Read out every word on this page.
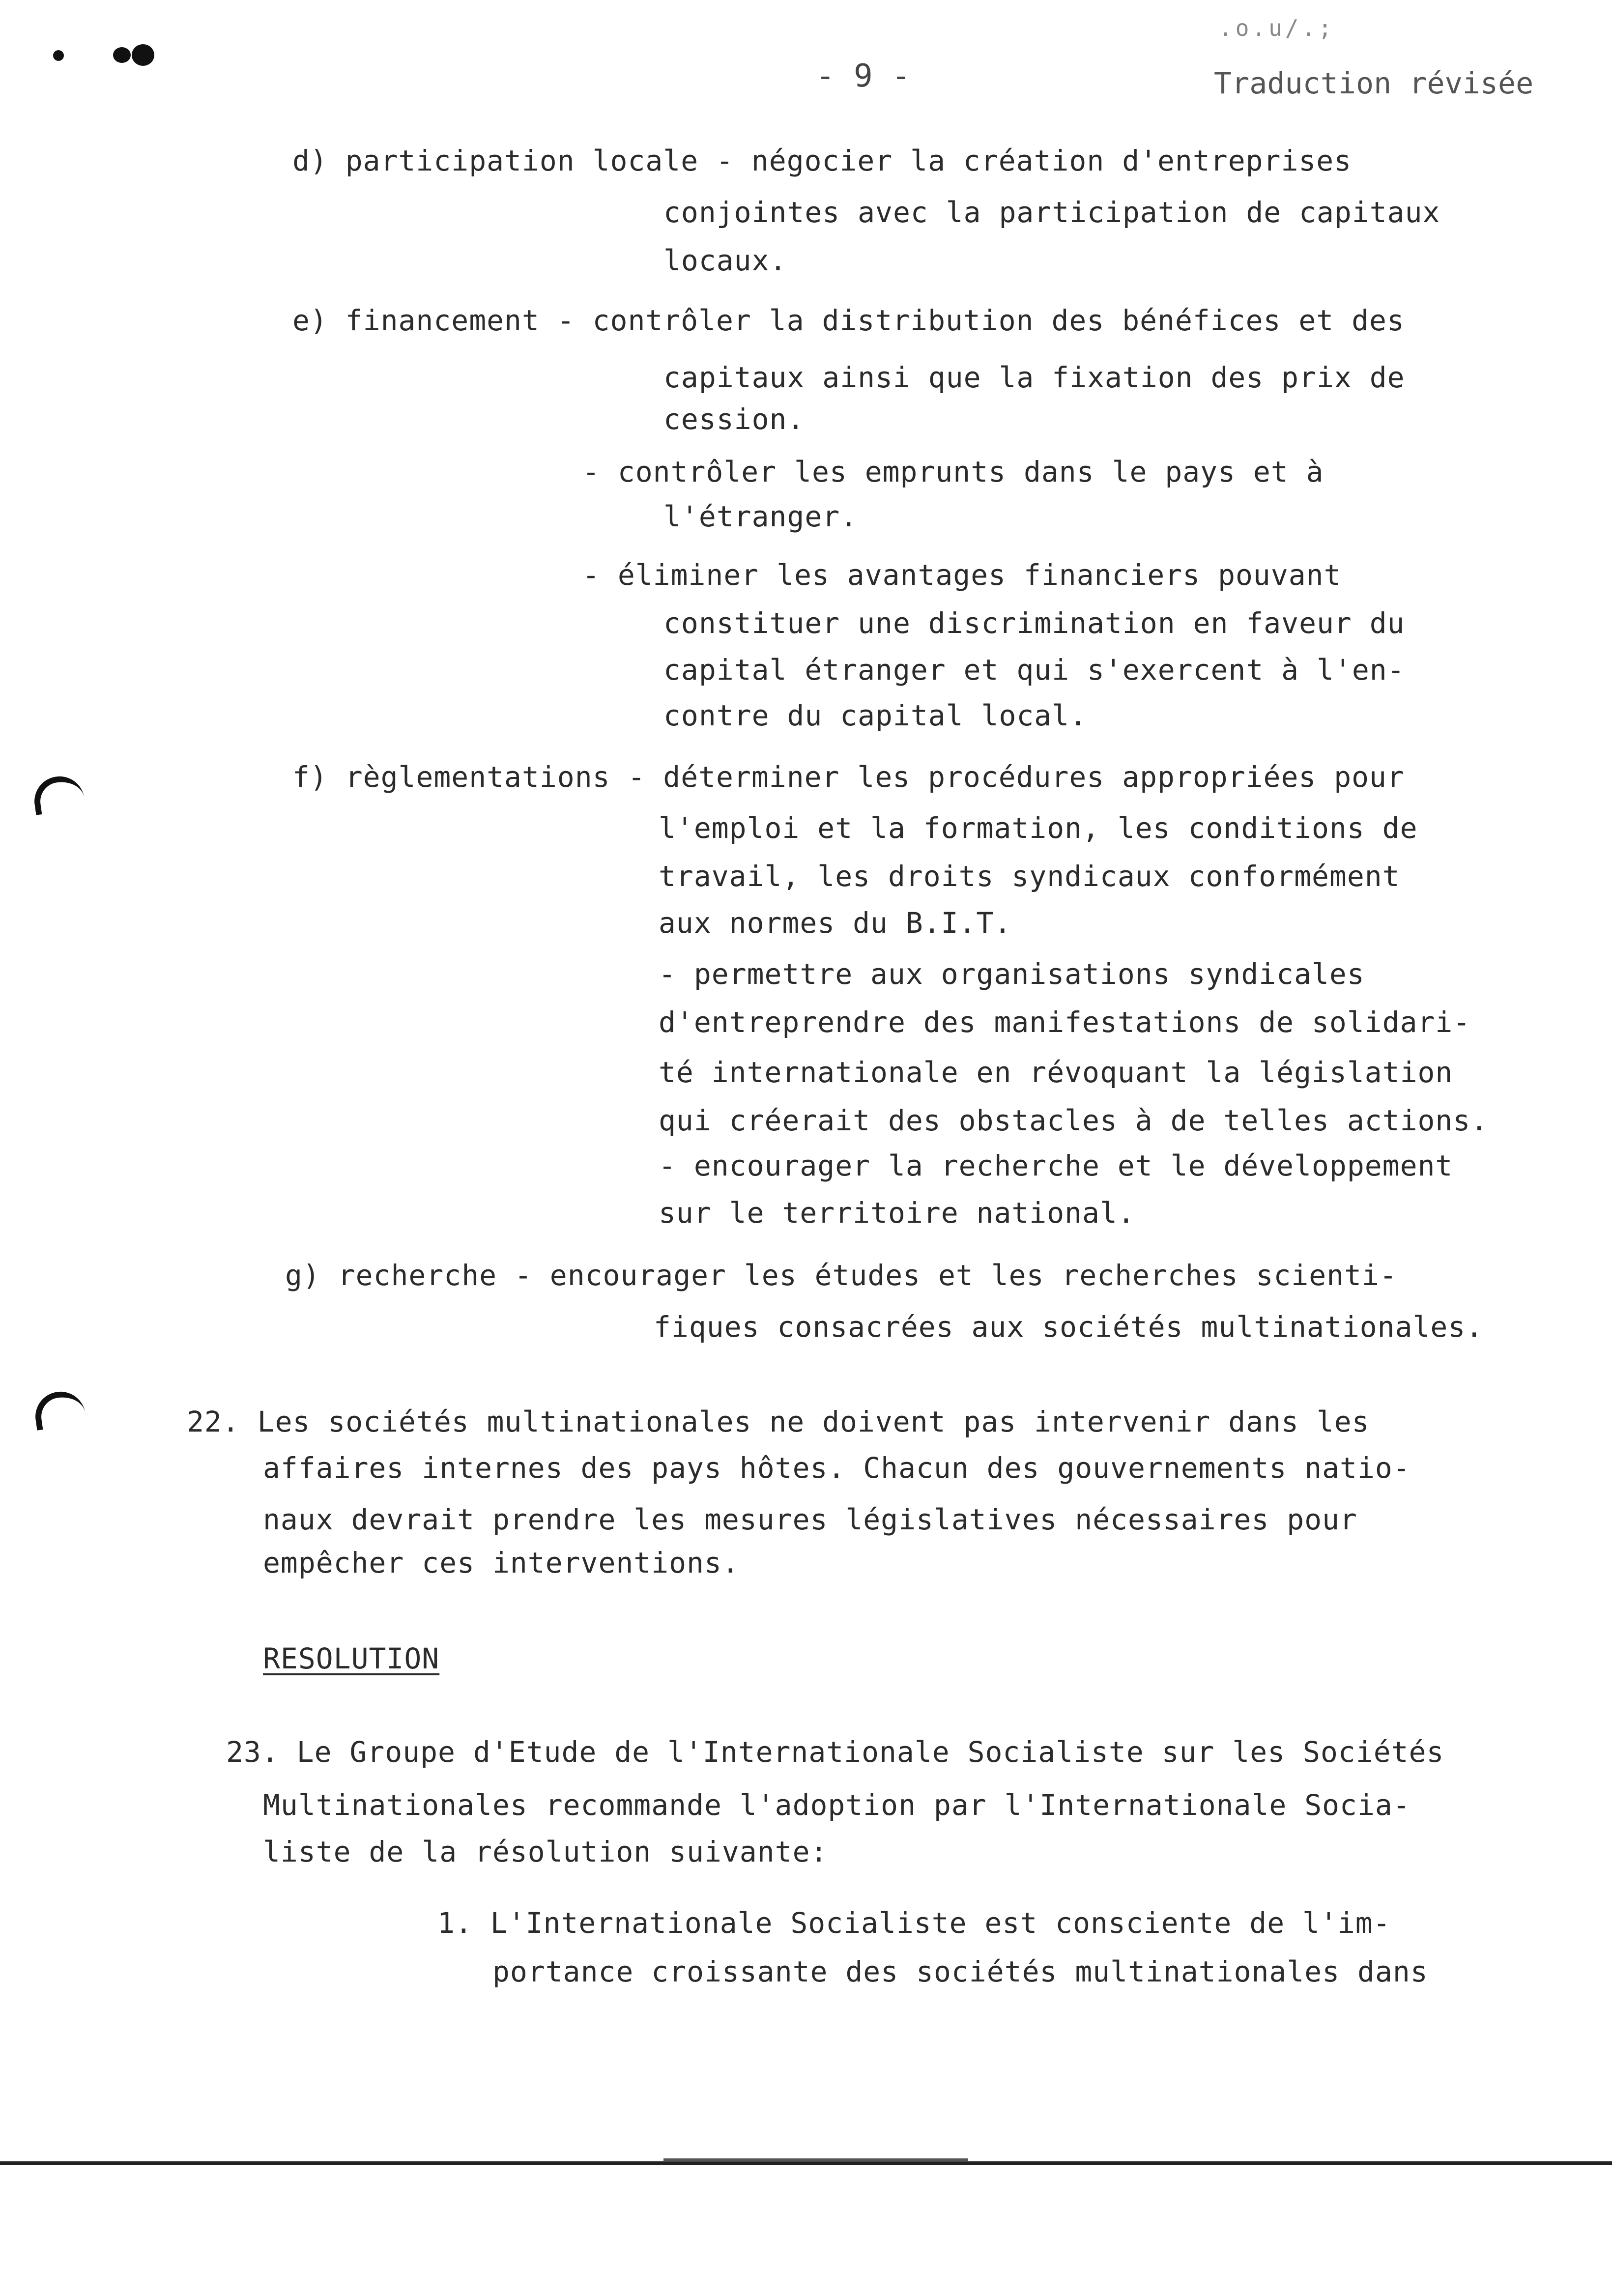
- 9 -
.o.u/.;
Traduction révisée
d) participation locale - négocier la création d'entreprises
conjointes avec la participation de capitaux
locaux.
e) financement - contrôler la distribution des bénéfices et des
capitaux ainsi que la fixation des prix de
cession.
- contrôler les emprunts dans le pays et à
l'étranger.
- éliminer les avantages financiers pouvant
constituer une discrimination en faveur du
capital étranger et qui s'exercent à l'en-
contre du capital local.
f) règlementations - déterminer les procédures appropriées pour
l'emploi et la formation, les conditions de
travail, les droits syndicaux conformément
aux normes du B.I.T.
- permettre aux organisations syndicales
d'entreprendre des manifestations de solidari-
té internationale en révoquant la législation
qui créerait des obstacles à de telles actions.
- encourager la recherche et le développement
sur le territoire national.
g) recherche - encourager les études et les recherches scienti-
fiques consacrées aux sociétés multinationales.
22. Les sociétés multinationales ne doivent pas intervenir dans les
affaires internes des pays hôtes. Chacun des gouvernements natio-
naux devrait prendre les mesures législatives nécessaires pour
empêcher ces interventions.
RESOLUTION
23. Le Groupe d'Etude de l'Internationale Socialiste sur les Sociétés
Multinationales recommande l'adoption par l'Internationale Socia-
liste de la résolution suivante:
1. L'Internationale Socialiste est consciente de l'im-
portance croissante des sociétés multinationales dans
